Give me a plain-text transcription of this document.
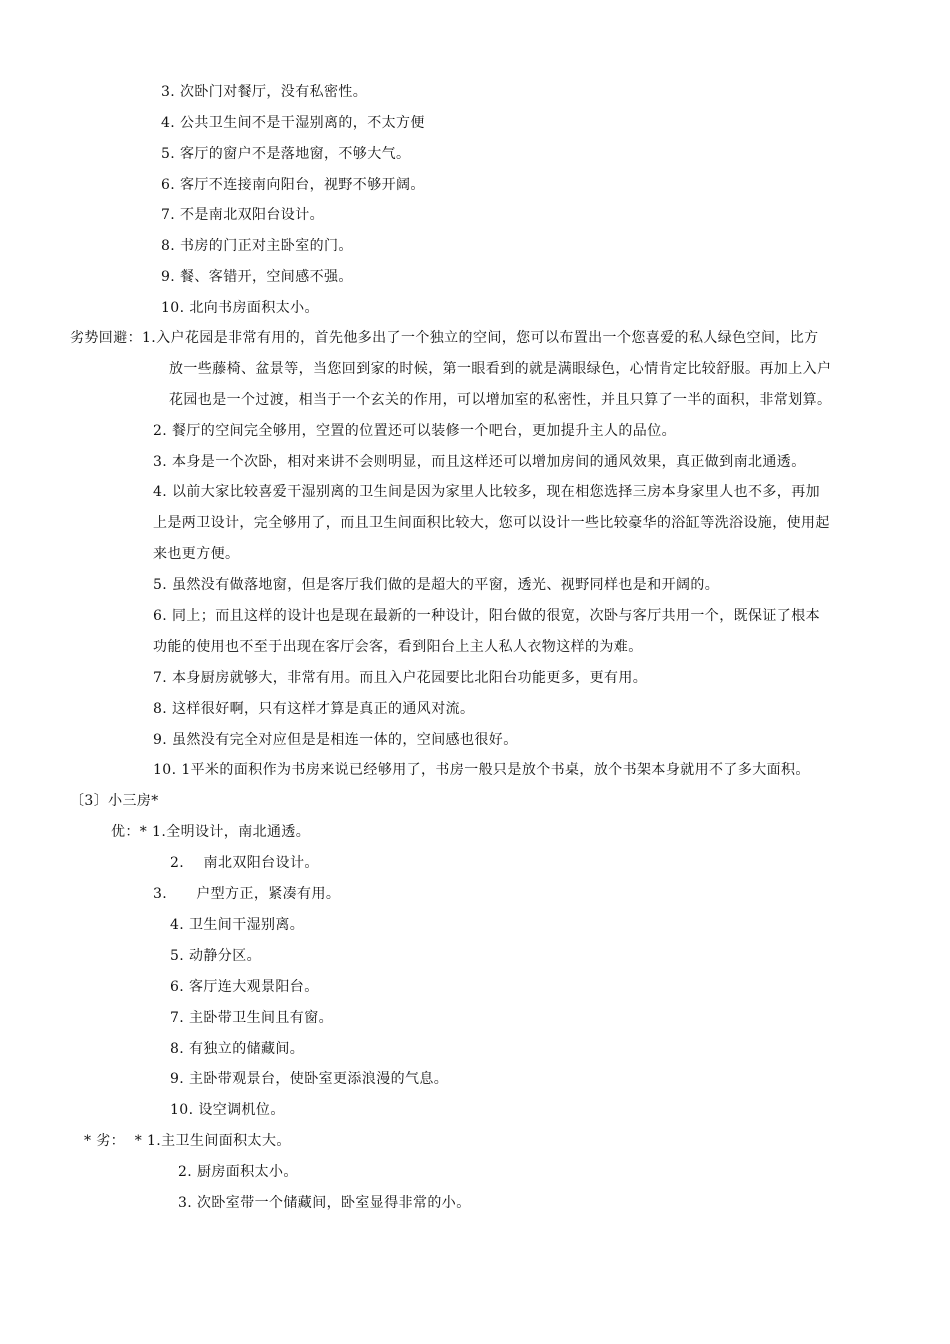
3. 次卧门对餐厅，没有私密性。
4. 公共卫生间不是干湿别离的，不太方便
5. 客厅的窗户不是落地窗，不够大气。
6. 客厅不连接南向阳台，视野不够开阔。
7. 不是南北双阳台设计。
8. 书房的门正对主卧室的门。
9. 餐、客错开，空间感不强。
10. 北向书房面积太小。
劣势回避：1.入户花园是非常有用的，首先他多出了一个独立的空间，您可以布置出一个您喜爱的私人绿色空间，比方
放一些藤椅、盆景等，当您回到家的时候，第一眼看到的就是满眼绿色，心情肯定比较舒服。再加上入户
花园也是一个过渡，相当于一个玄关的作用，可以增加室的私密性，并且只算了一半的面积，非常划算。
2. 餐厅的空间完全够用，空置的位置还可以装修一个吧台，更加提升主人的品位。
3. 本身是一个次卧，相对来讲不会则明显，而且这样还可以增加房间的通风效果，真正做到南北通透。
4. 以前大家比较喜爱干湿别离的卫生间是因为家里人比较多，现在相您选择三房本身家里人也不多，再加
上是两卫设计，完全够用了，而且卫生间面积比较大，您可以设计一些比较豪华的浴缸等洗浴设施，使用起
来也更方便。
5. 虽然没有做落地窗，但是客厅我们做的是超大的平窗，透光、视野同样也是和开阔的。
6. 同上；而且这样的设计也是现在最新的一种设计，阳台做的很宽，次卧与客厅共用一个，既保证了根本
功能的使用也不至于出现在客厅会客，看到阳台上主人私人衣物这样的为难。
7. 本身厨房就够大，非常有用。而且入户花园要比北阳台功能更多，更有用。
8. 这样很好啊，只有这样才算是真正的通风对流。
9. 虽然没有完全对应但是是相连一体的，空间感也很好。
10. 1平米的面积作为书房来说已经够用了，书房一般只是放个书桌，放个书架本身就用不了多大面积。
〔3〕小三房*
优：* 1.全明设计，南北通透。
2.    南北双阳台设计。
3.      户型方正，紧凑有用。
4. 卫生间干湿别离。
5. 动静分区。
6. 客厅连大观景阳台。
7. 主卧带卫生间且有窗。
8. 有独立的储藏间。
9. 主卧带观景台，使卧室更添浪漫的气息。
10. 设空调机位。
* 劣：  * 1.主卫生间面积太大。
2. 厨房面积太小。
3. 次卧室带一个储藏间，卧室显得非常的小。
